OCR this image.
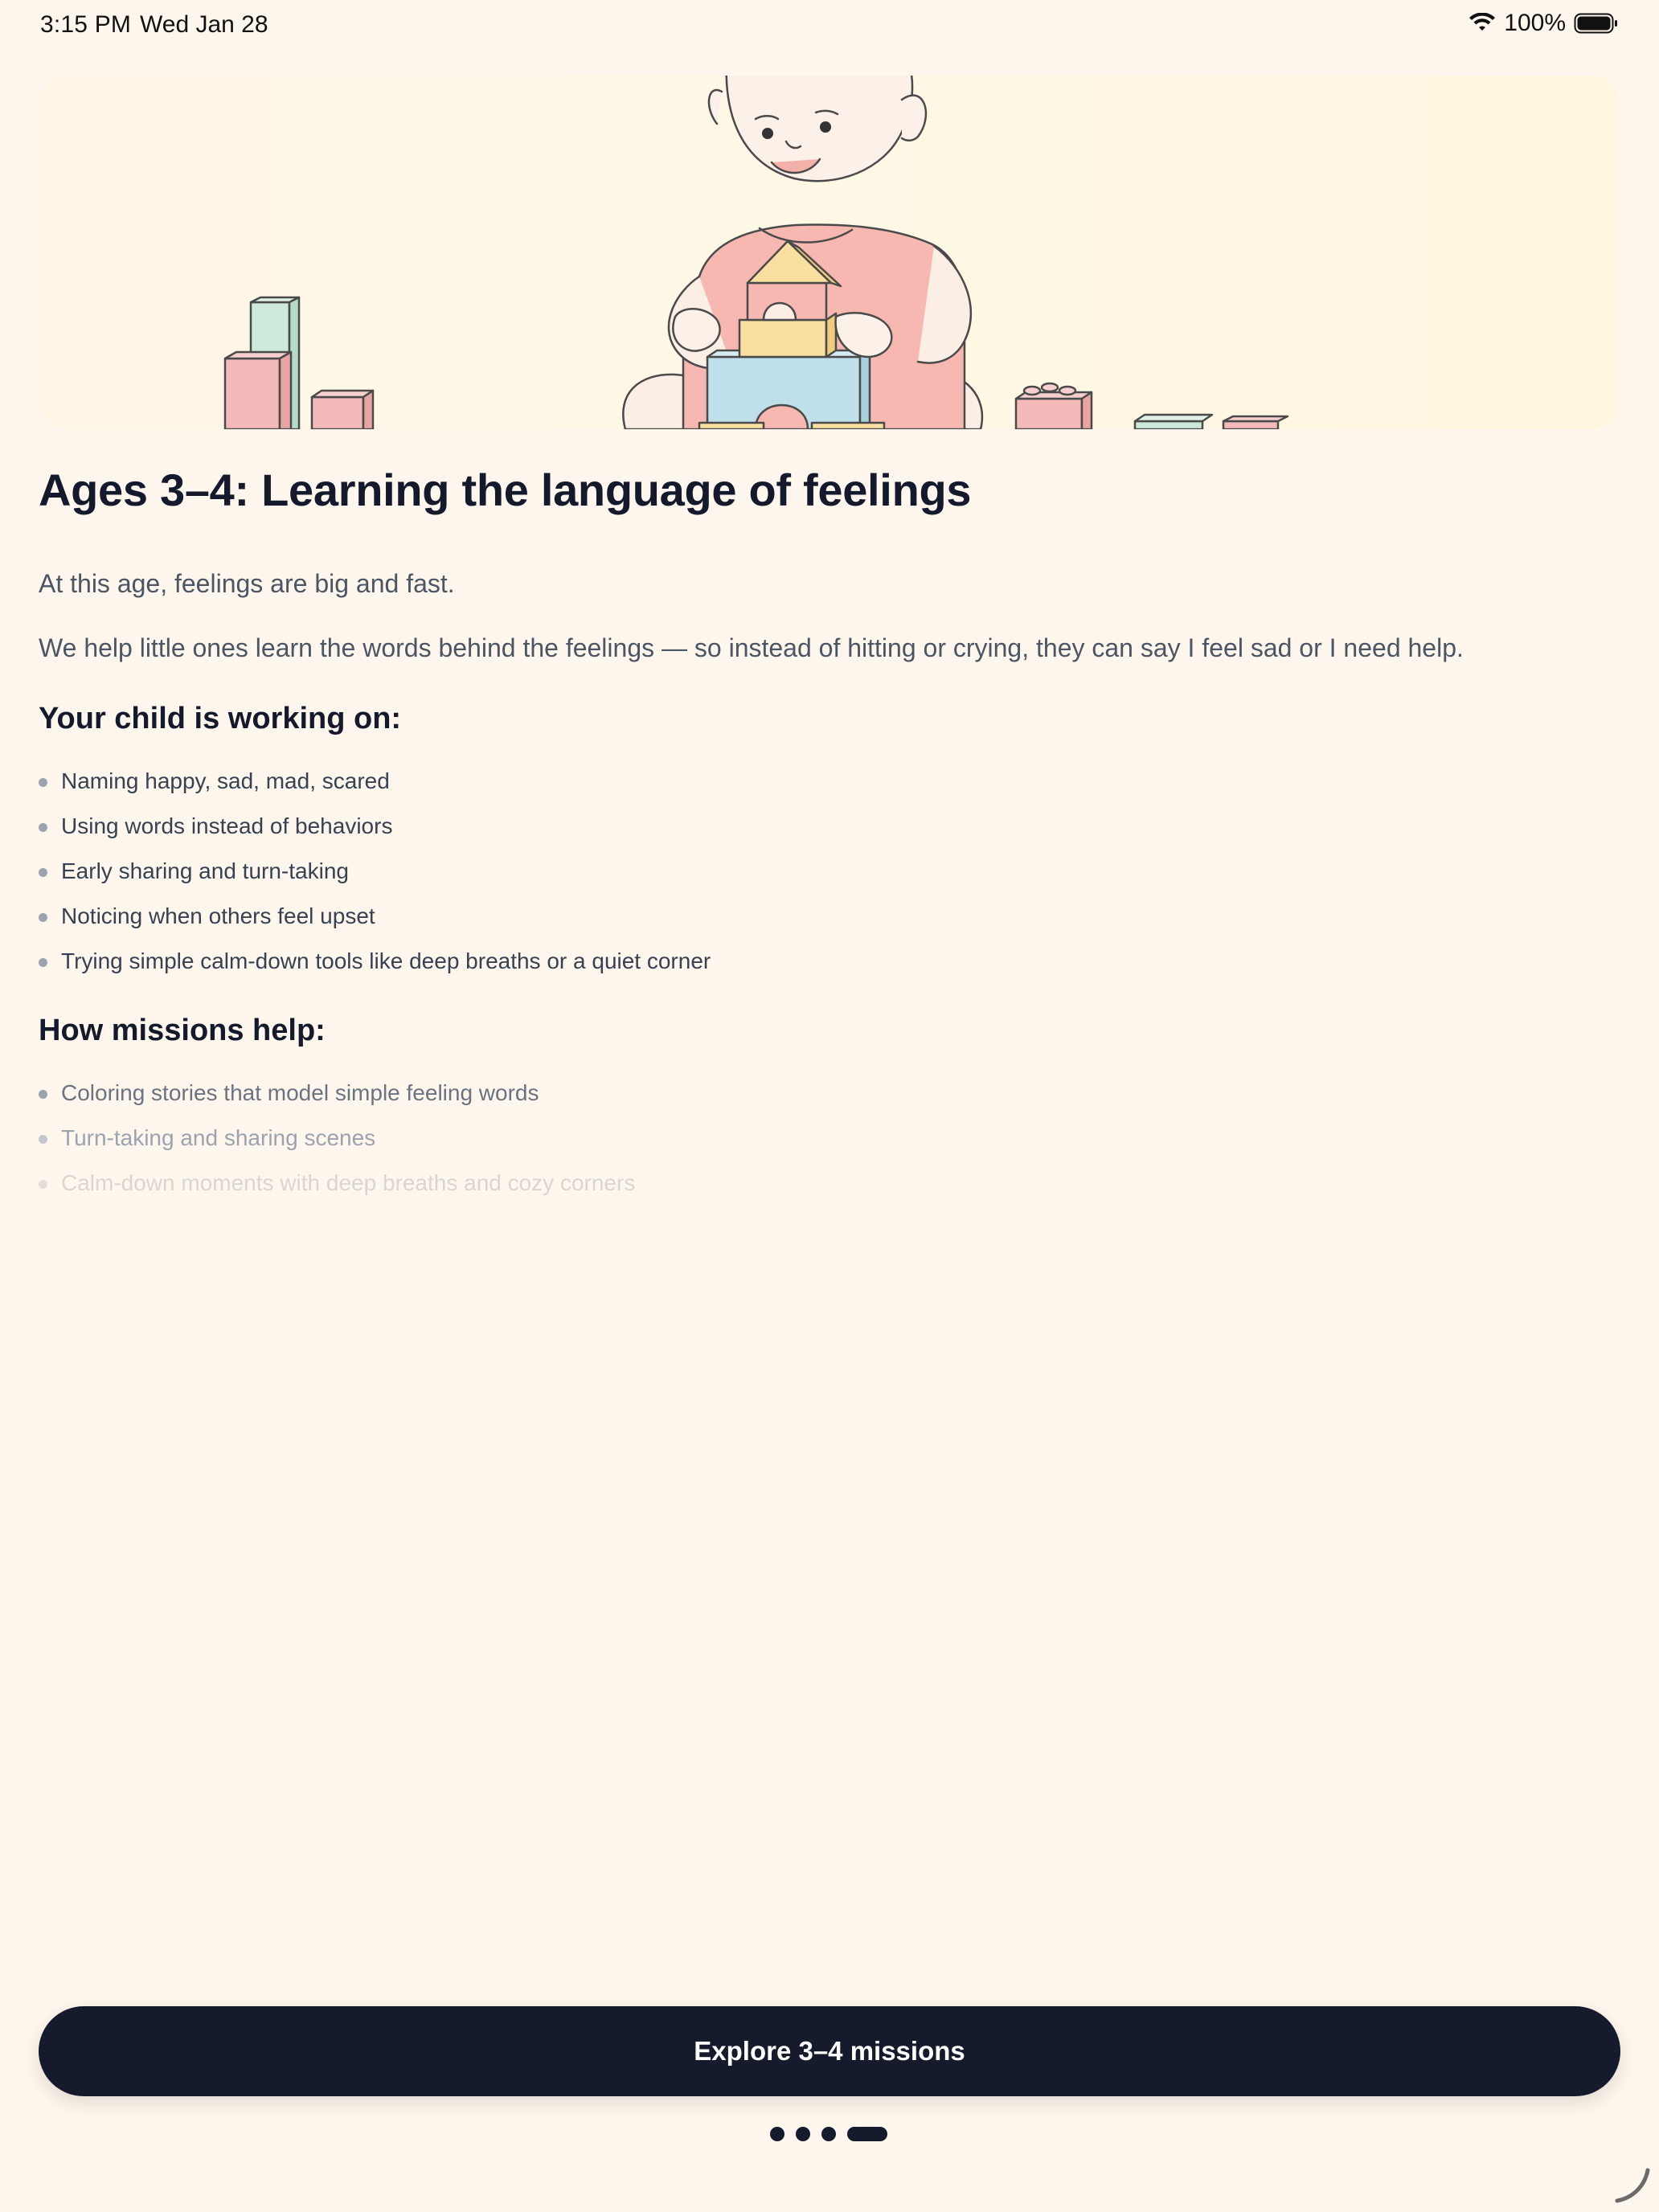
3:15 PM Wed Jan 28	100%
Ages 3–4: Learning the language of feelings

At this age, feelings are big and fast.

We help little ones learn the words behind the feelings — so instead of hitting or crying, they can say I feel sad or I need help.

Your child is working on:
Naming happy, sad, mad, scared
Using words instead of behaviors
Early sharing and turn-taking
Noticing when others feel upset
Trying simple calm-down tools like deep breaths or a quiet corner
How missions help:
Coloring stories that model simple feeling words
Turn-taking and sharing scenes
Calm-down moments with deep breaths and cozy corners
Explore 3–4 missions
